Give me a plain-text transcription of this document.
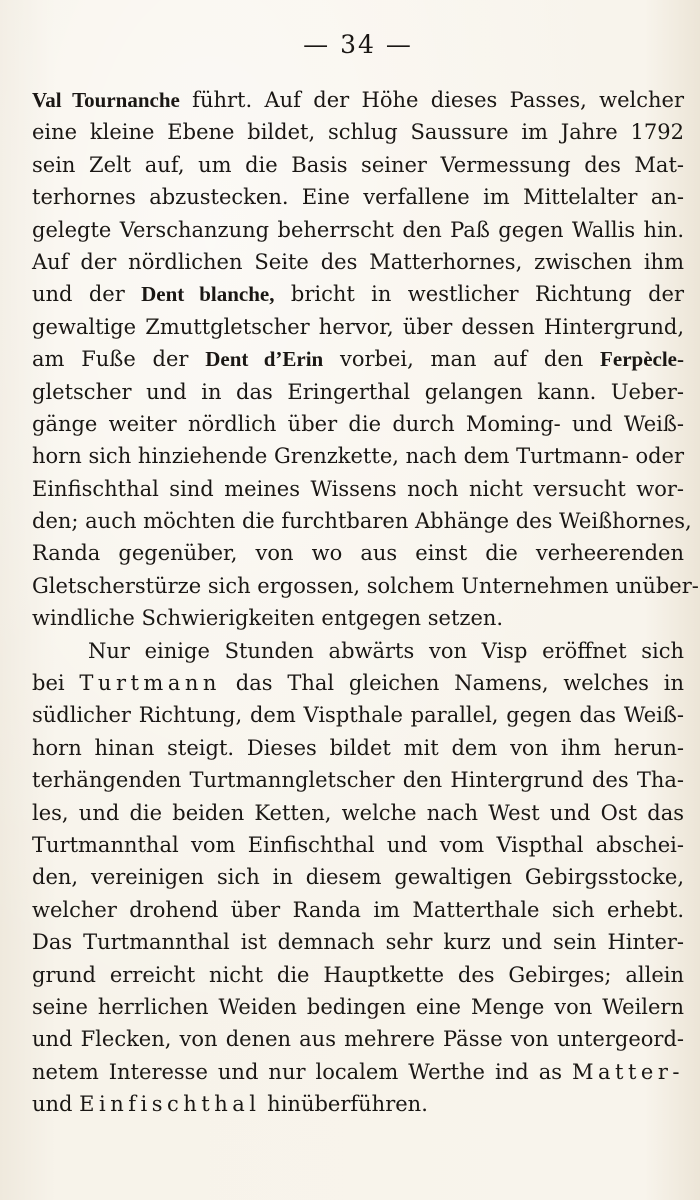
— 34 —
Val Tournanche führt. Auf der Höhe dieses Passes, welcher
eine kleine Ebene bildet, schlug Saussure im Jahre 1792
sein Zelt auf, um die Basis seiner Vermessung des Mat-
terhornes abzustecken. Eine verfallene im Mittelalter an-
gelegte Verschanzung beherrscht den Paß gegen Wallis hin.
Auf der nördlichen Seite des Matterhornes, zwischen ihm
und der Dent blanche, bricht in westlicher Richtung der
gewaltige Zmuttgletscher hervor, über dessen Hintergrund,
am Fuße der Dent d’Erin vorbei, man auf den Ferpècle-
gletscher und in das Eringerthal gelangen kann. Ueber-
gänge weiter nördlich über die durch Moming- und Weiß-
horn sich hinziehende Grenzkette, nach dem Turtmann- oder
Einfischthal sind meines Wissens noch nicht versucht wor-
den; auch möchten die furchtbaren Abhänge des Weißhornes,
Randa gegenüber, von wo aus einst die verheerenden
Gletscherstürze sich ergossen, solchem Unternehmen unüber-
windliche Schwierigkeiten entgegen setzen.
Nur einige Stunden abwärts von Visp eröffnet sich
bei Turtmann das Thal gleichen Namens, welches in
südlicher Richtung, dem Vispthale parallel, gegen das Weiß-
horn hinan steigt. Dieses bildet mit dem von ihm herun-
terhängenden Turtmanngletscher den Hintergrund des Tha-
les, und die beiden Ketten, welche nach West und Ost das
Turtmannthal vom Einfischthal und vom Vispthal abschei-
den, vereinigen sich in diesem gewaltigen Gebirgsstocke,
welcher drohend über Randa im Matterthale sich erhebt.
Das Turtmannthal ist demnach sehr kurz und sein Hinter-
grund erreicht nicht die Hauptkette des Gebirges; allein
seine herrlichen Weiden bedingen eine Menge von Weilern
und Flecken, von denen aus mehrere Pässe von untergeord-
netem Interesse und nur localem Werthe ind as Matter-
und Einfischthal hinüberführen.
